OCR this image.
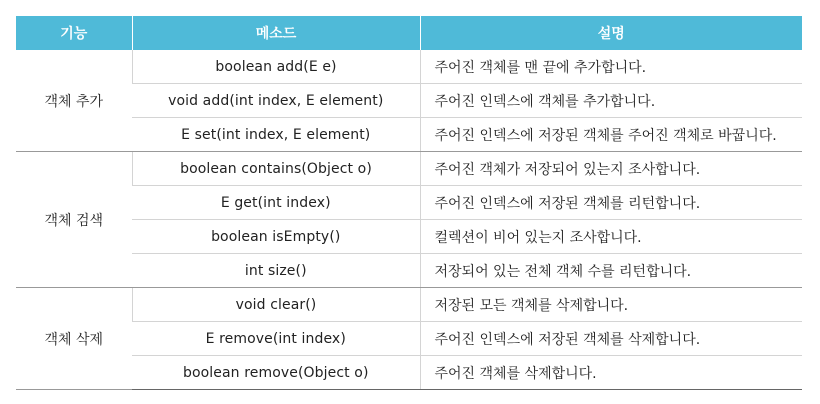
기능	메소드	설명
객체 추가	boolean add(E e)	주어진 객체를 맨 끝에 추가합니다.
	void add(int index, E element)	주어진 인덱스에 객체를 추가합니다.
	E set(int index, E element)	주어진 인덱스에 저장된 객체를 주어진 객체로 바꿉니다.
객체 검색	boolean contains(Object o)	주어진 객체가 저장되어 있는지 조사합니다.
	E get(int index)	주어진 인덱스에 저장된 객체를 리턴합니다.
	boolean isEmpty()	컬렉션이 비어 있는지 조사합니다.
	int size()	저장되어 있는 전체 객체 수를 리턴합니다.
객체 삭제	void clear()	저장된 모든 객체를 삭제합니다.
	E remove(int index)	주어진 인덱스에 저장된 객체를 삭제합니다.
	boolean remove(Object o)	주어진 객체를 삭제합니다.
